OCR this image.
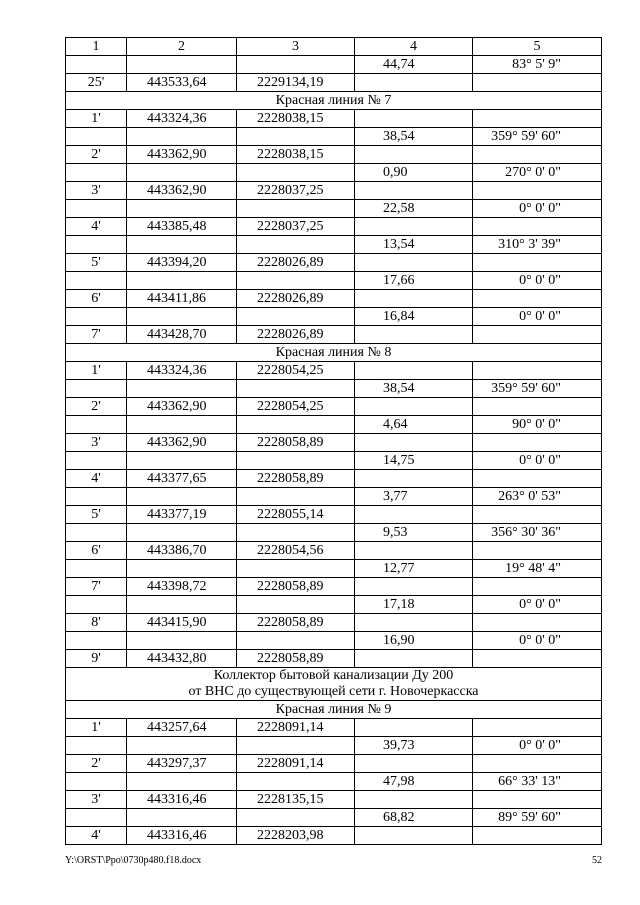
1	2	3	4	5
			44,74	83° 5' 9"
25'	443533,64	2229134,19		

Красная линия № 7				

1'	443324,36	2228038,15		
			38,54	359° 59' 60"
2'	443362,90	2228038,15		
			0,90	270° 0' 0"
3'	443362,90	2228037,25		
			22,58	0° 0' 0"
4'	443385,48	2228037,25		
			13,54	310° 3' 39"
5'	443394,20	2228026,89		
			17,66	0° 0' 0"
6'	443411,86	2228026,89		
			16,84	0° 0' 0"
7'	443428,70	2228026,89		

Красная линия № 8				

1'	443324,36	2228054,25		
			38,54	359° 59' 60"
2'	443362,90	2228054,25		
			4,64	90° 0' 0"
3'	443362,90	2228058,89		
			14,75	0° 0' 0"
4'	443377,65	2228058,89		
			3,77	263° 0' 53"
5'	443377,19	2228055,14		
			9,53	356° 30' 36"
6'	443386,70	2228054,56		
			12,77	19° 48' 4"
7'	443398,72	2228058,89		
			17,18	0° 0' 0"
8'	443415,90	2228058,89		
			16,90	0° 0' 0"
9'	443432,80	2228058,89		

Коллектор бытовой канализации Ду 200
от ВНС до существующей сети г. Новочеркасска				

Красная линия № 9				

1'	443257,64	2228091,14		
			39,73	0° 0' 0"
2'	443297,37	2228091,14		
			47,98	66° 33' 13"
3'	443316,46	2228135,15		
			68,82	89° 59' 60"
4'	443316,46	2228203,98		
Y:\ORST\Ppo\0730p480.f18.docx	52
